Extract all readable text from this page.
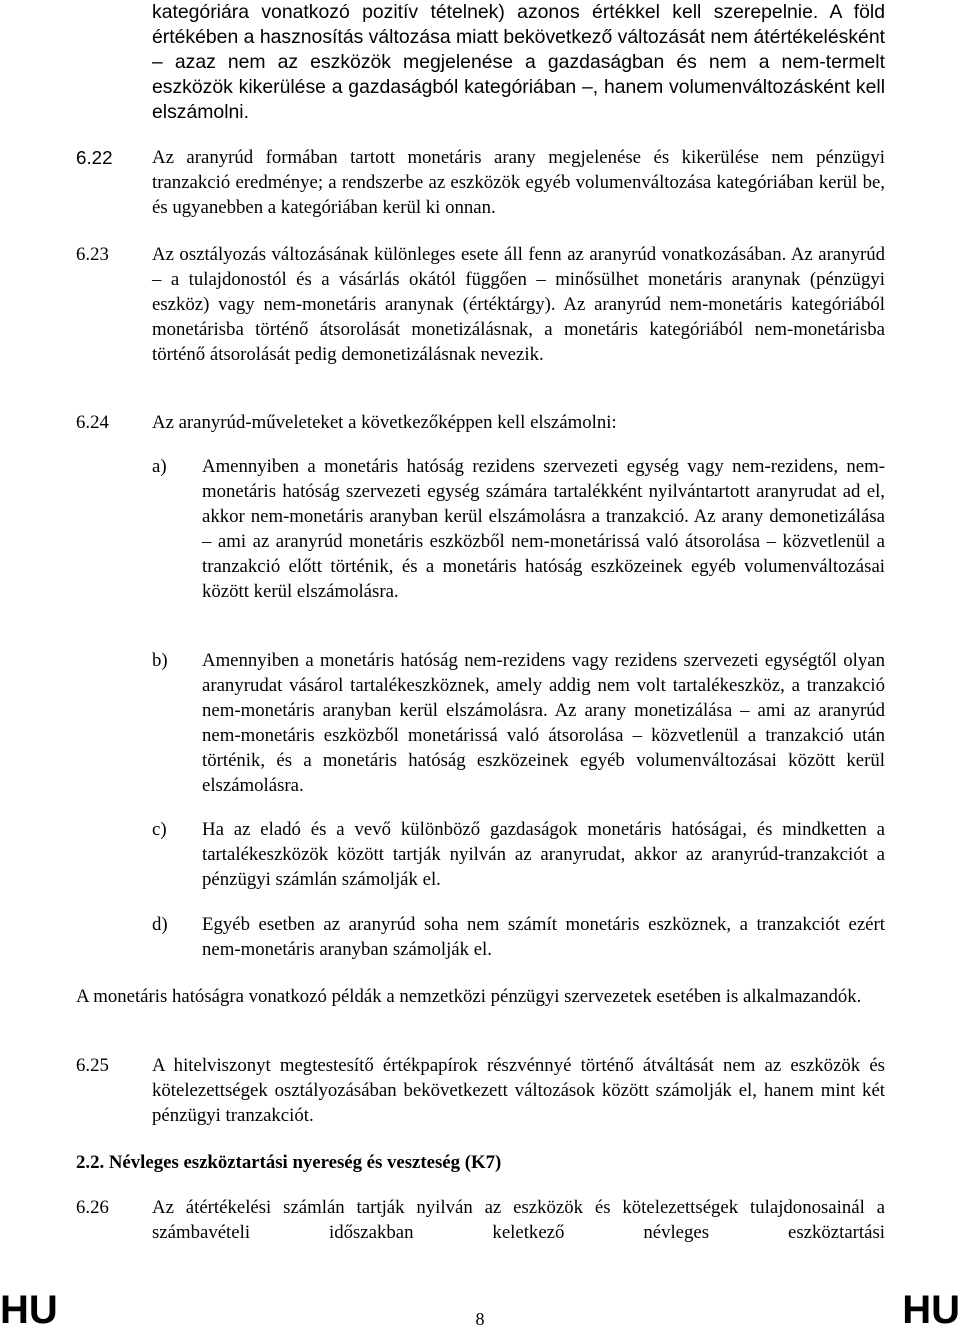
kategóriára vonatkozó pozitív tételnek) azonos értékkel kell szerepelnie. A föld értékében a hasznosítás változása miatt bekövetkező változását nem átértékelésként – azaz nem az eszközök megjelenése a gazdaságban és nem a nem-termelt eszközök kikerülése a gazdaságból kategóriában –, hanem volumenváltozásként kell elszámolni.

6.22 Az aranyrúd formában tartott monetáris arany megjelenése és kikerülése nem pénzügyi tranzakció eredménye; a rendszerbe az eszközök egyéb volumenváltozása kategóriában kerül be, és ugyanebben a kategóriában kerül ki onnan.

6.23 Az osztályozás változásának különleges esete áll fenn az aranyrúd vonatkozásában. Az aranyrúd – a tulajdonostól és a vásárlás okától függően – minősülhet monetáris aranynak (pénzügyi eszköz) vagy nem-monetáris aranynak (értéktárgy). Az aranyrúd nem-monetáris kategóriából monetárisba történő átsorolását monetizálásnak, a monetáris kategóriából nem-monetárisba történő átsorolását pedig demonetizálásnak nevezik.

6.24 Az aranyrúd-műveleteket a következőképpen kell elszámolni:

a) Amennyiben a monetáris hatóság rezidens szervezeti egység vagy nem-rezidens, nem-monetáris hatóság szervezeti egység számára tartalékként nyilvántartott aranyrudat ad el, akkor nem-monetáris aranyban kerül elszámolásra a tranzakció. Az arany demonetizálása – ami az aranyrúd monetáris eszközből nem-monetárissá való átsorolása – közvetlenül a tranzakció előtt történik, és a monetáris hatóság eszközeinek egyéb volumenváltozásai között kerül elszámolásra.

b) Amennyiben a monetáris hatóság nem-rezidens vagy rezidens szervezeti egységtől olyan aranyrudat vásárol tartalékeszköznek, amely addig nem volt tartalékeszköz, a tranzakció nem-monetáris aranyban kerül elszámolásra. Az arany monetizálása – ami az aranyrúd nem-monetáris eszközből monetárissá való átsorolása – közvetlenül a tranzakció után történik, és a monetáris hatóság eszközeinek egyéb volumenváltozásai között kerül elszámolásra.

c) Ha az eladó és a vevő különböző gazdaságok monetáris hatóságai, és mindketten a tartalékeszközök között tartják nyilván az aranyrudat, akkor az aranyrúd-tranzakciót a pénzügyi számlán számolják el.

d) Egyéb esetben az aranyrúd soha nem számít monetáris eszköznek, a tranzakciót ezért nem-monetáris aranyban számolják el.

A monetáris hatóságra vonatkozó példák a nemzetközi pénzügyi szervezetek esetében is alkalmazandók.

6.25 A hitelviszonyt megtestesítő értékpapírok részvénnyé történő átváltását nem az eszközök és kötelezettségek osztályozásában bekövetkezett változások között számolják el, hanem mint két pénzügyi tranzakciót.

2.2. Névleges eszköztartási nyereség és veszteség (K7)
6.26 Az átértékelési számlán tartják nyilván az eszközök és kötelezettségek tulajdonosainál a számbavételi időszakban keletkező névleges eszköztartási

HU	8	HU
